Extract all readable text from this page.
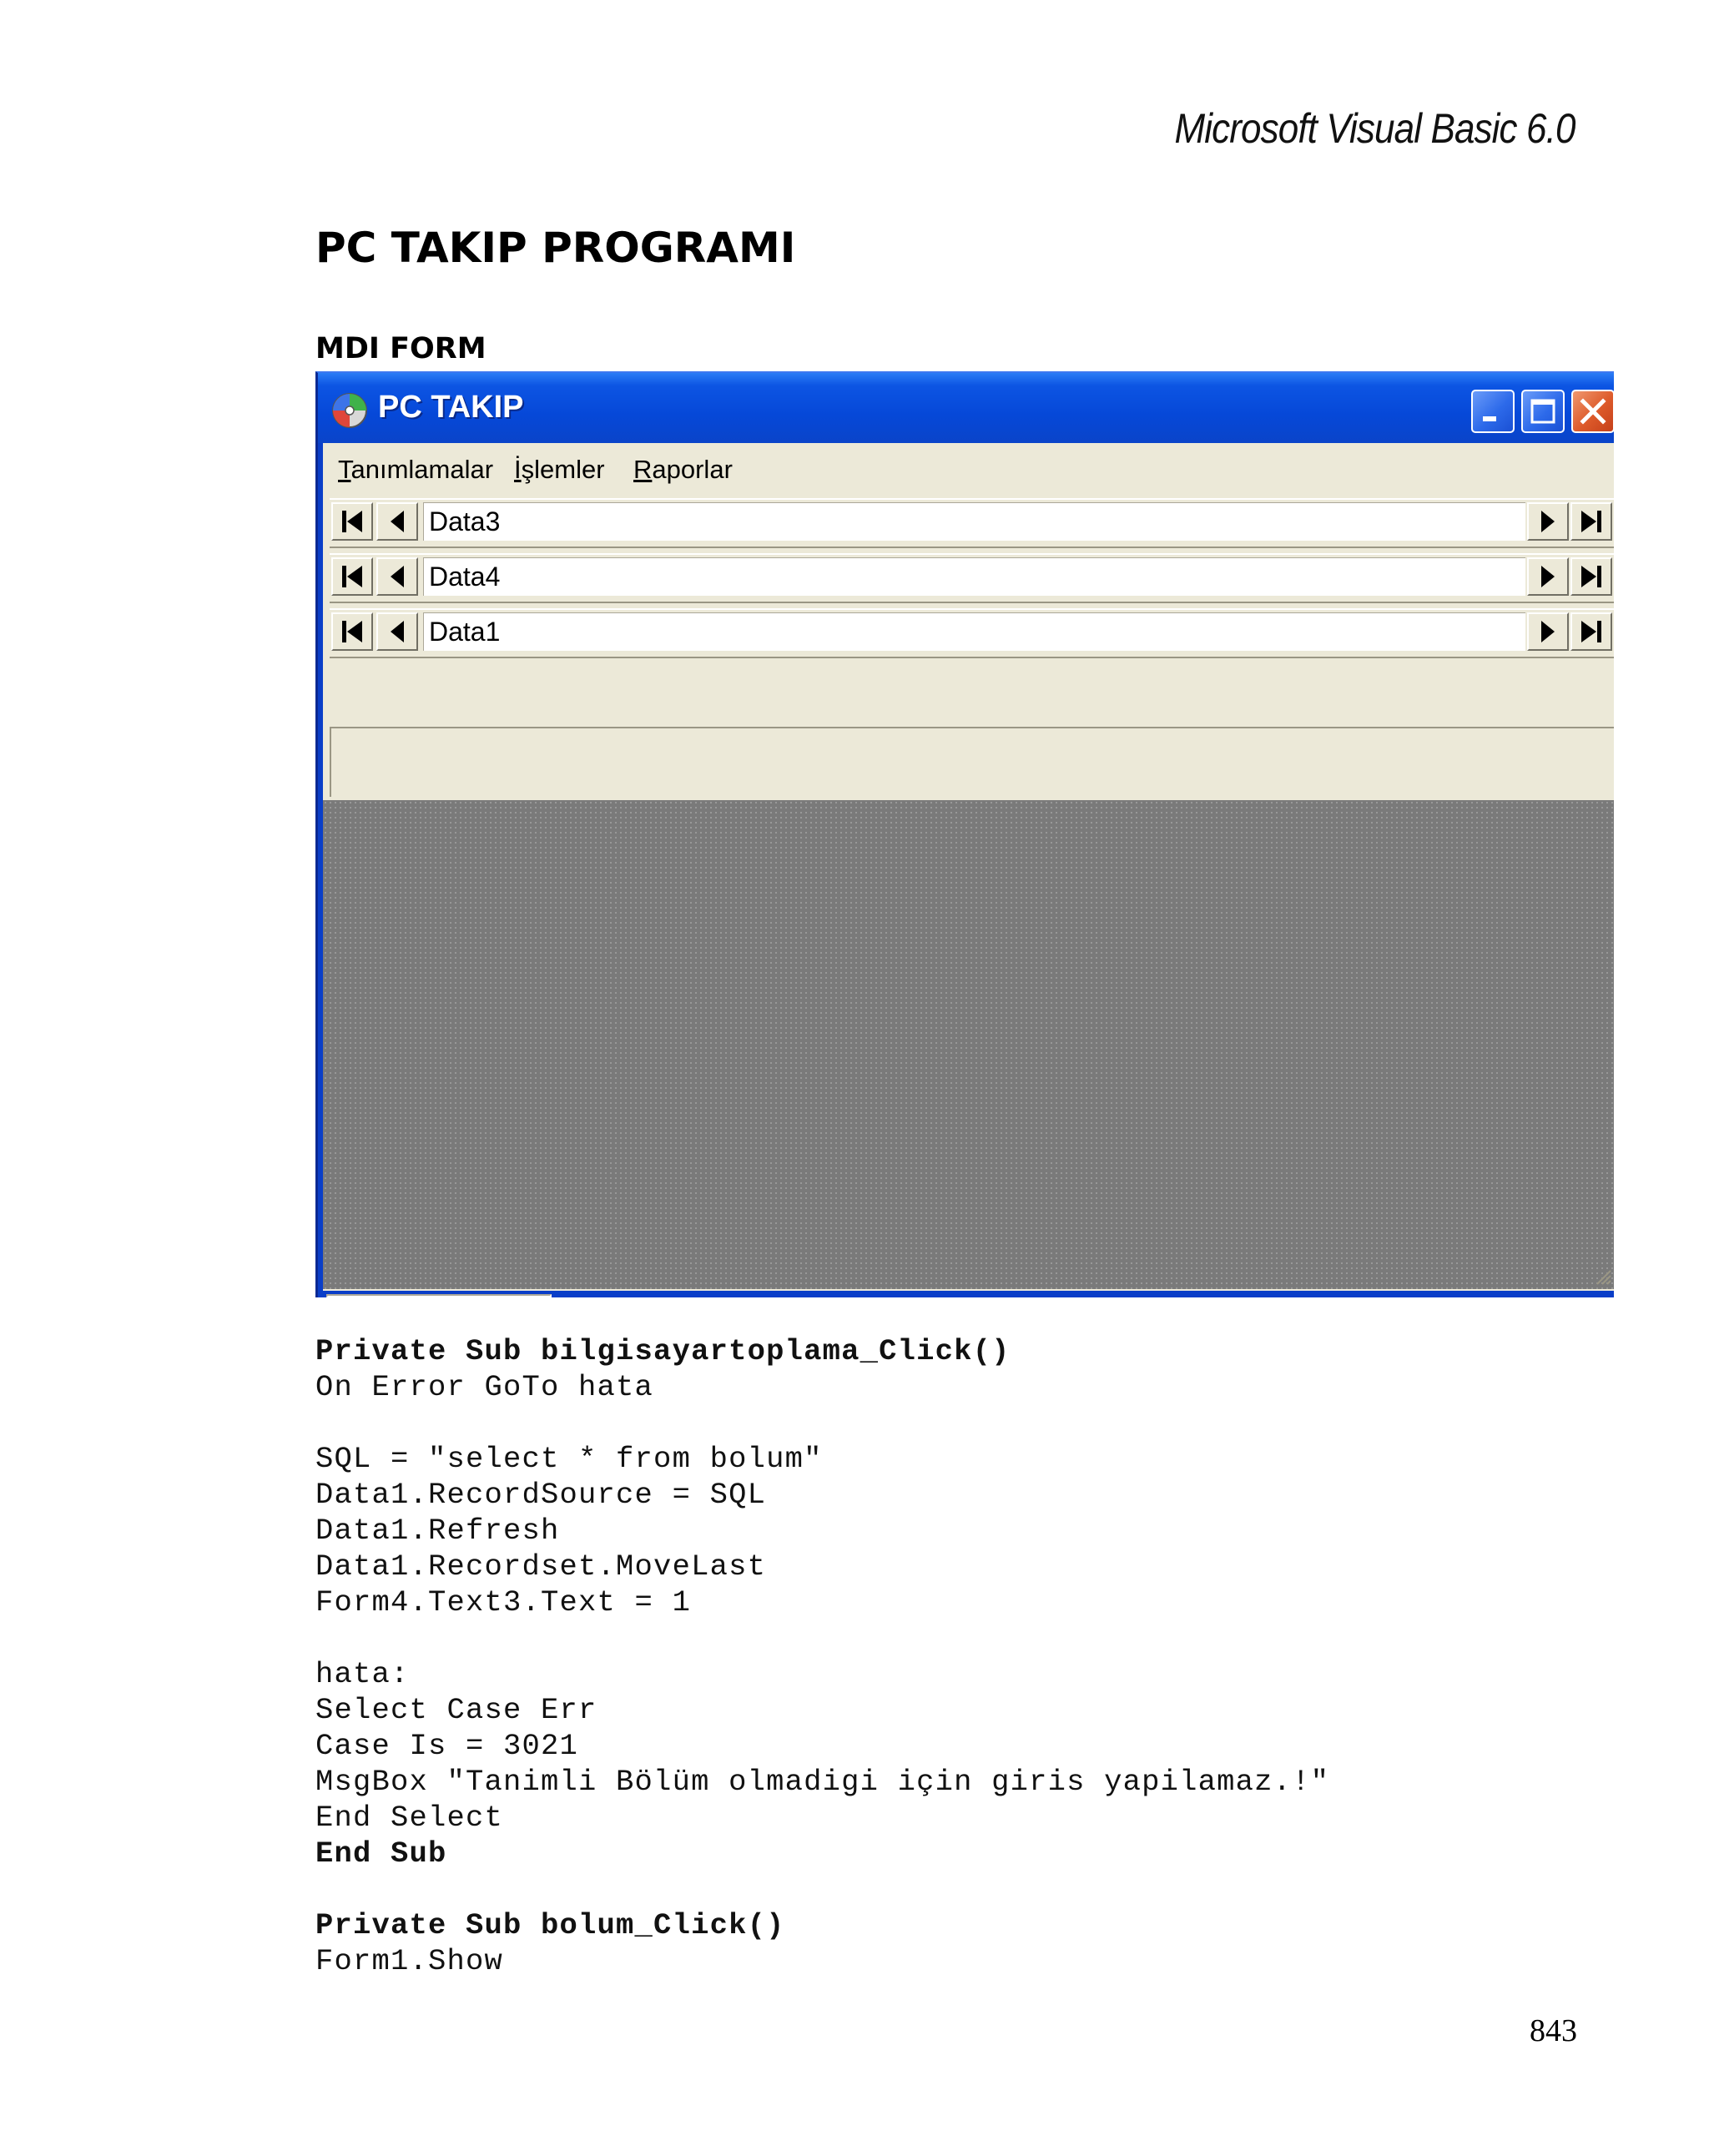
Microsoft Visual Basic 6.0
PC TAKIP PROGRAMI
MDI FORM
PC TAKIP
Tanımlamalar İşlemler Raporlar
Data3
Data4
Data1
Private Sub bilgisayartoplama_Click()
On Error GoTo hata
SQL = "select * from bolum"
Data1.RecordSource = SQL
Data1.Refresh
Data1.Recordset.MoveLast
Form4.Text3.Text = 1
hata:
Select Case Err
Case Is = 3021
MsgBox "Tanimli Bölüm olmadigi için giris yapilamaz.!"
End Select
End Sub
Private Sub bolum_Click()
Form1.Show
843
